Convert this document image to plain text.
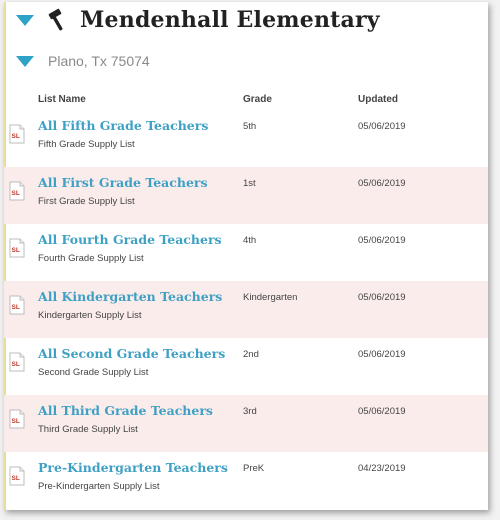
Mendenhall Elementary
Plano, Tx 75074
List Name	Grade	Updated
SL
All Fifth Grade Teachers
Fifth Grade Supply List
5th	05/06/2019
SL
All First Grade Teachers
First Grade Supply List
1st	05/06/2019
SL
All Fourth Grade Teachers
Fourth Grade Supply List
4th	05/06/2019
SL
All Kindergarten Teachers
Kindergarten Supply List
Kindergarten	05/06/2019
SL
All Second Grade Teachers
Second Grade Supply List
2nd	05/06/2019
SL
All Third Grade Teachers
Third Grade Supply List
3rd	05/06/2019
SL
Pre-Kindergarten Teachers
Pre-Kindergarten Supply List
PreK	04/23/2019
